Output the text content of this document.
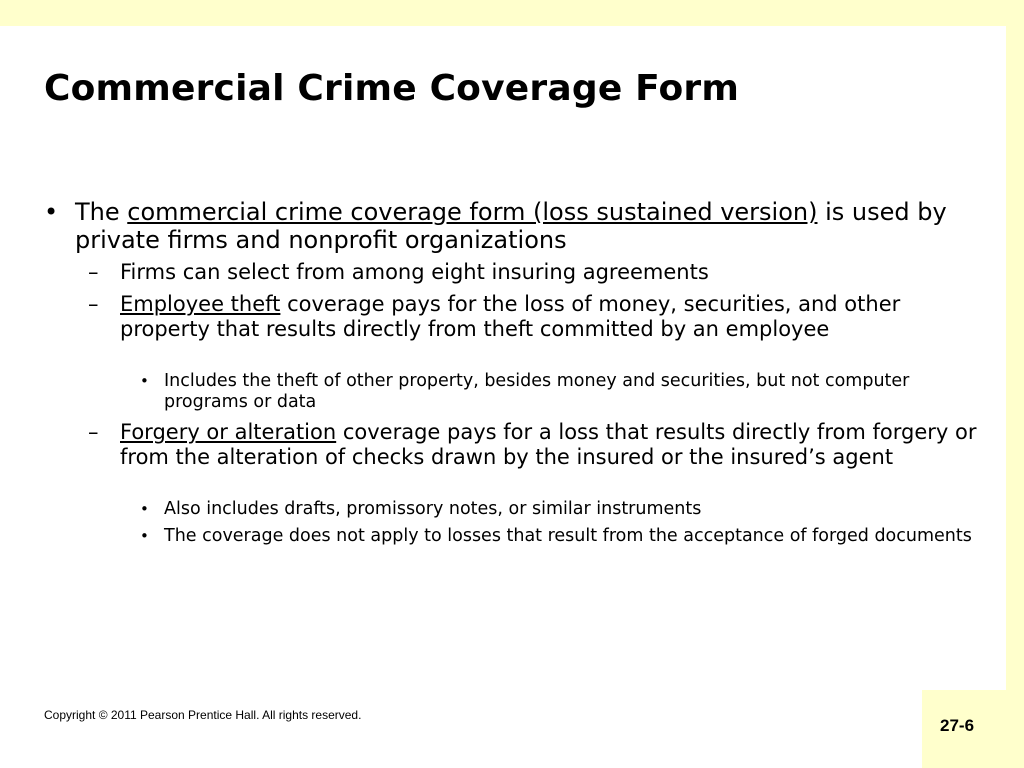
Commercial Crime Coverage Form
• The commercial crime coverage form (loss sustained version) is used by private firms and nonprofit organizations
– Firms can select from among eight insuring agreements
– Employee theft coverage pays for the loss of money, securities, and other property that results directly from theft committed by an employee
• Includes the theft of other property, besides money and securities, but not computer programs or data
– Forgery or alteration coverage pays for a loss that results directly from forgery or from the alteration of checks drawn by the insured or the insured’s agent
• Also includes drafts, promissory notes, or similar instruments
• The coverage does not apply to losses that result from the acceptance of forged documents
Copyright © 2011 Pearson Prentice Hall. All rights reserved.
27-6
